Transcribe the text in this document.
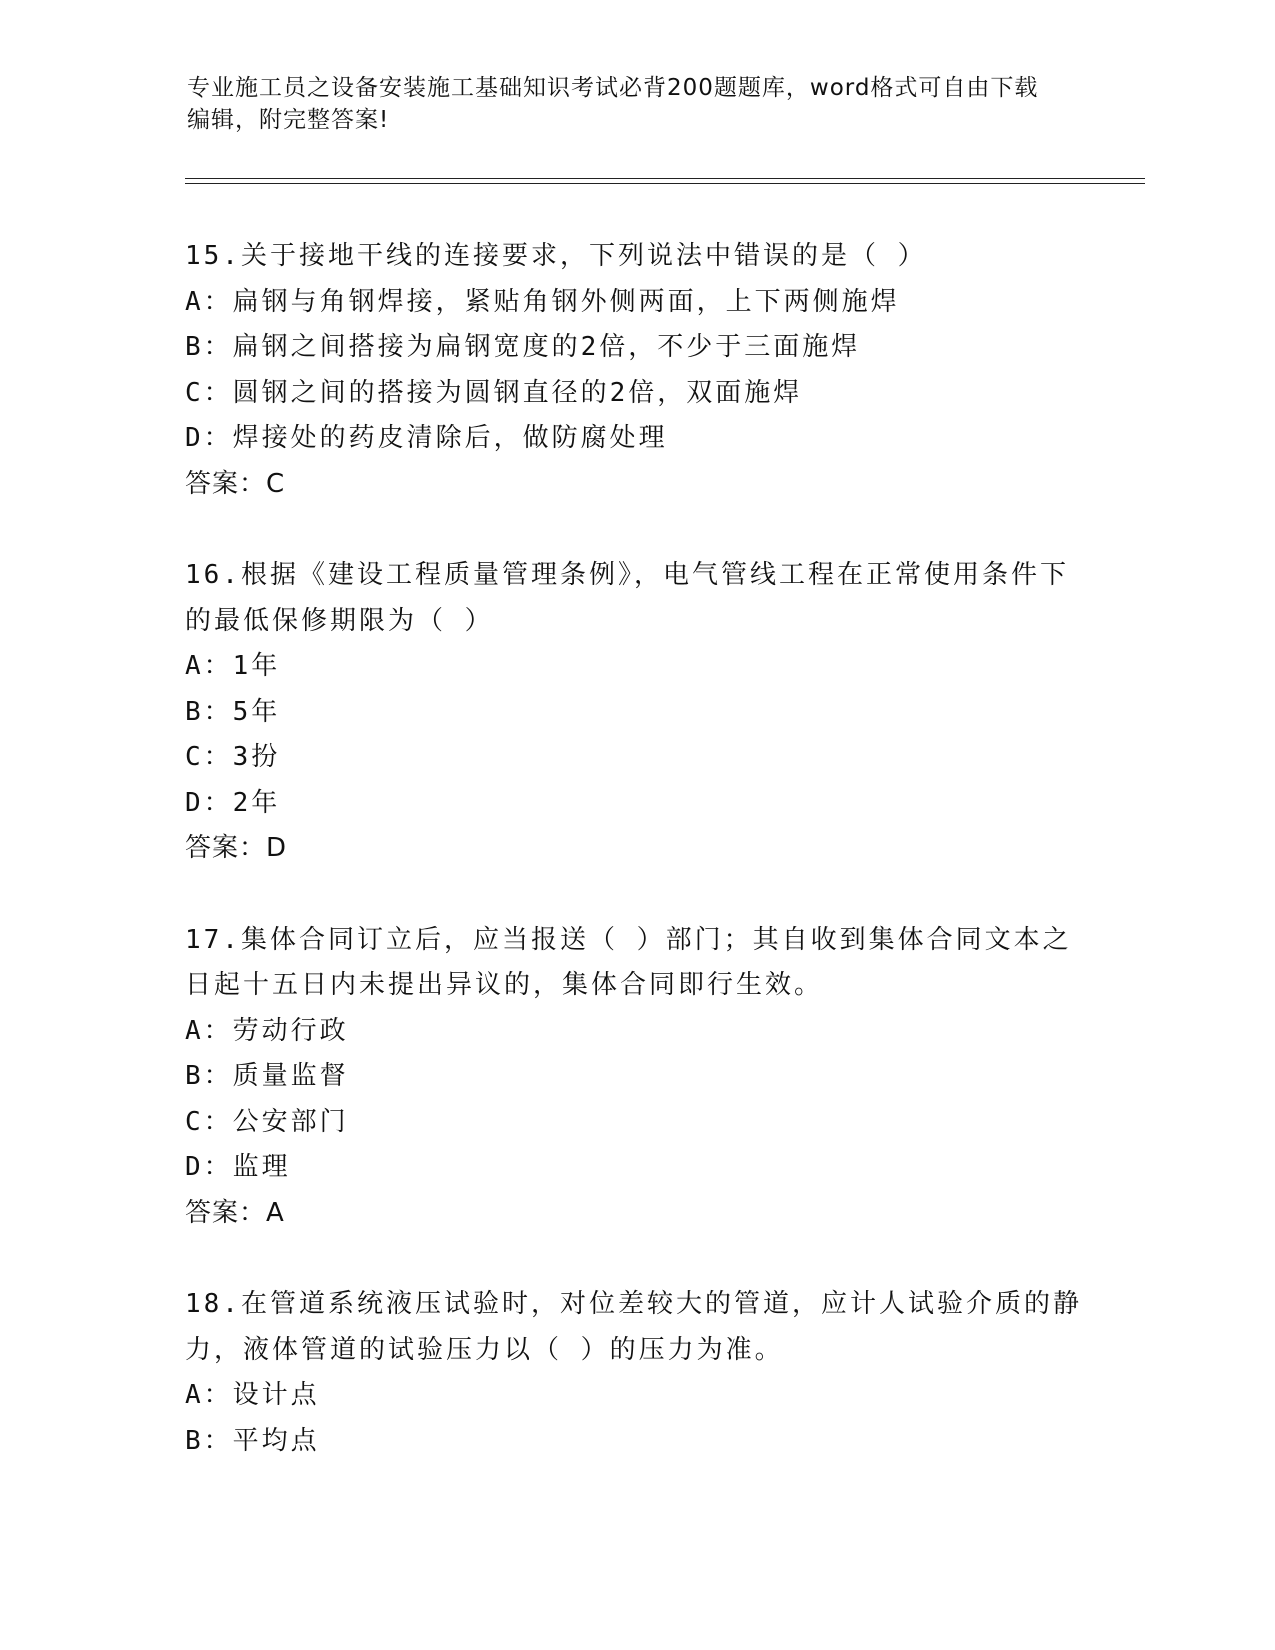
专业施工员之设备安装施工基础知识考试必背200题题库，word格式可自由下载
编辑，附完整答案!
15.关于接地干线的连接要求，下列说法中错误的是（ ）
A：扁钢与角钢焊接，紧贴角钢外侧两面，上下两侧施焊
B：扁钢之间搭接为扁钢宽度的2倍，不少于三面施焊
C：圆钢之间的搭接为圆钢直径的2倍，双面施焊
D：焊接处的药皮清除后，做防腐处理
答案：C
16.根据《建设工程质量管理条例》，电气管线工程在正常使用条件下
的最低保修期限为（ ）
A：1年
B：5年
C：3扮
D：2年
答案：D
17.集体合同订立后，应当报送（ ）部门；其自收到集体合同文本之
日起十五日内未提出异议的，集体合同即行生效。
A：劳动行政
B：质量监督
C：公安部门
D：监理
答案：A
18.在管道系统液压试验时，对位差较大的管道，应计人试验介质的静
力，液体管道的试验压力以（ ）的压力为准。
A：设计点
B：平均点
